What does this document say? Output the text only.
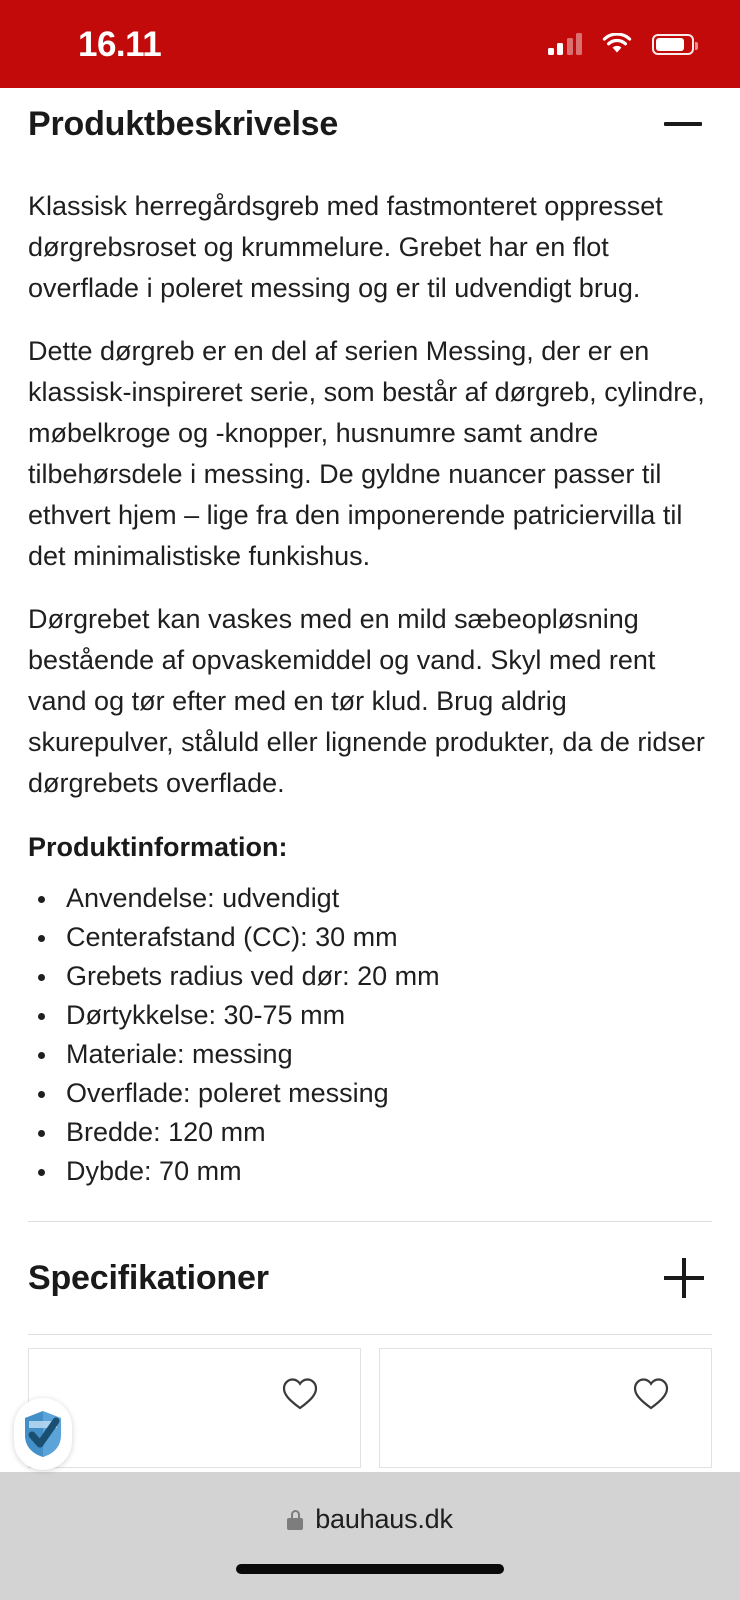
16.11
Produktbeskrivelse

Klassisk herregårdsgreb med fastmonteret oppresset dørgrebsroset og krummelure. Grebet har en flot overflade i poleret messing og er til udvendigt brug.

Dette dørgreb er en del af serien Messing, der er en klassisk-inspireret serie, som består af dørgreb, cylindre, møbelkroge og -knopper, husnumre samt andre tilbehørsdele i messing. De gyldne nuancer passer til ethvert hjem – lige fra den imponerende patriciervilla til det minimalistiske funkishus.

Dørgrebet kan vaskes med en mild sæbeopløsning bestående af opvaskemiddel og vand. Skyl med rent vand og tør efter med en tør klud. Brug aldrig skurepulver, ståluld eller lignende produkter, da de ridser dørgrebets overflade.

Produktinformation:
Anvendelse: udvendigt
Centerafstand (CC): 30 mm
Grebets radius ved dør: 20 mm
Dørtykkelse: 30-75 mm
Materiale: messing
Overflade: poleret messing
Bredde: 120 mm
Dybde: 70 mm
Specifikationer
bauhaus.dk
